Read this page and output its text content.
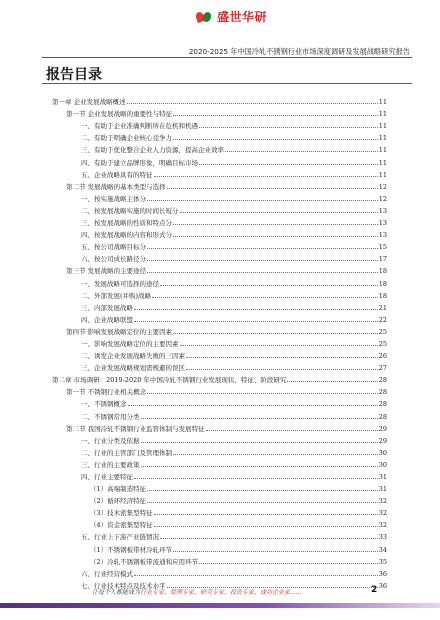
盛世华研
2020-2025 年中国冷轧不锈钢行业市场深度调研及发展战略研究报告
报告目录
第一章 企业发展战略概述	11
第一节 企业发展战略的重要性与特征	11
一、有助于企业准确判断所在危机和机遇	11
二、有助于明确企业核心竞争力	11
三、有助于优化整合企业人力资源，提高企业效率	11
四、有助于建立品牌形象，明确目标市场	11
五、企业战略具有的特征	11
第二节 发展战略的基本类型与选择	12
一、按实施战略主体分	12
二、按发展战略实施的时间长短分	13
三、按发展战略的性质和特点分	13
四、按发展战略的内容和形式分	13
五、按公司战略目标分	15
六、按公司成长路径分	17
第三节 发展战略的主要途径	18
一、发展战略可选择的途径	18
二、外部发展(并购)战略	18
三、内部发展战略	21
四、企业战略联盟	22
第四节 影响发展战略定位的主要因素	25
一、影响发展战略定位的主要因素	25
二、诱发企业发展战略失败的三因素	26
三、企业发展战略规划需规避的误区	27
第二章 市场调研：2019-2020 年中国冷轧不锈钢行业发展现状、特征、阶段研究	28
第一节 不锈钢行业相关概念	28
一、不锈钢概念	28
二、不锈钢常用分类	28
第二节 我国冷轧不锈钢行业监管体制与发展特征	29
一、行业分类及依据	29
二、行业的主管部门及管理体制	30
三、行业的主要政策	30
四、行业主要特征	31
（1）高端制造特征	31
（2）循环经济特征	32
（3）技术密集型特征	32
（4）资金密集型特征	32
五、行业上下游产业链情况	33
（1）不锈钢板带材冷轧环节	34
（2）冷轧不锈钢板带流通和应用环节	35
六、行业经营模式	36
七、行业技术特点及技术水平	36
让每个人都能成为行业专家、管理专家、研究专家、投资专家、成功企业家……	2
